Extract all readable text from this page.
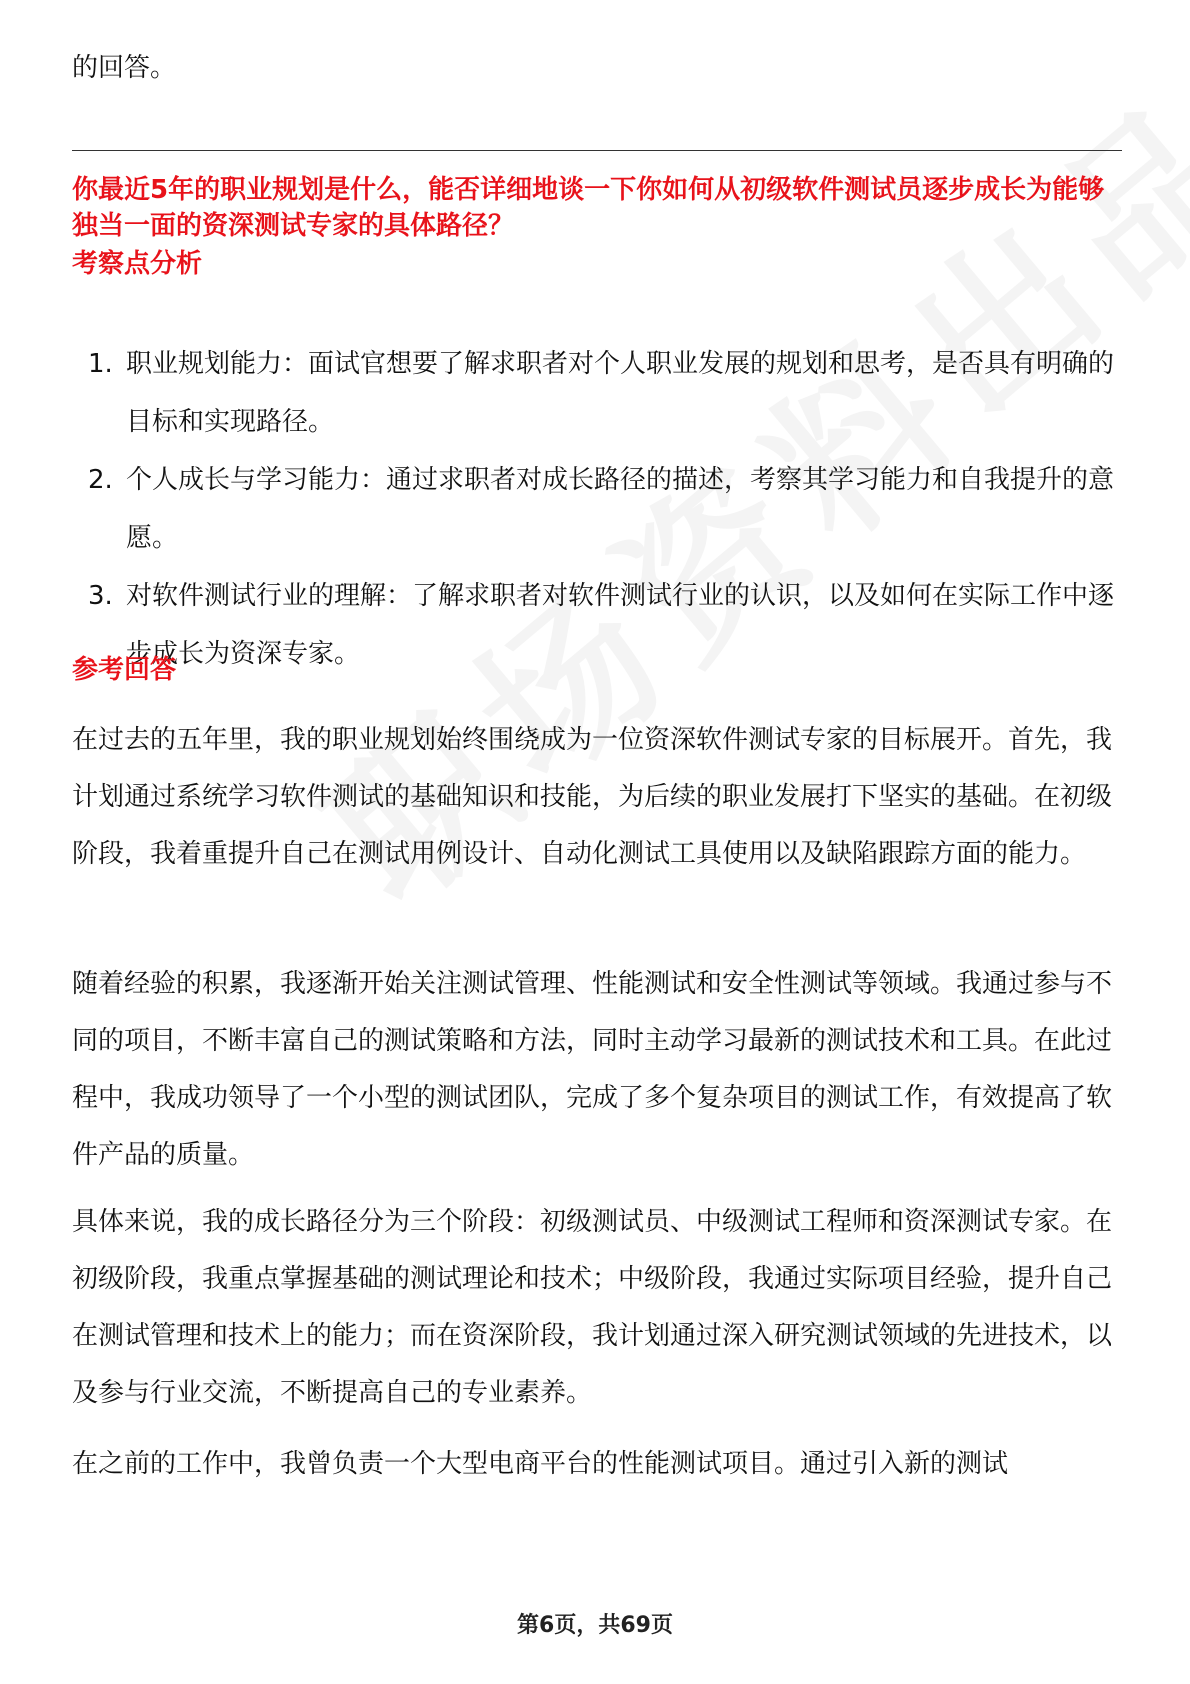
的回答。
你最近5年的职业规划是什么，能否详细地谈一下你如何从初级软件测试员逐步成长为能够独当一面的资深测试专家的具体路径？
考察点分析
1. 职业规划能力：面试官想要了解求职者对个人职业发展的规划和思考，是否具有明确的目标和实现路径。
2. 个人成长与学习能力：通过求职者对成长路径的描述，考察其学习能力和自我提升的意愿。
3. 对软件测试行业的理解：了解求职者对软件测试行业的认识，以及如何在实际工作中逐步成长为资深专家。
参考回答

在过去的五年里，我的职业规划始终围绕成为一位资深软件测试专家的目标展开。首先，我计划通过系统学习软件测试的基础知识和技能，为后续的职业发展打下坚实的基础。在初级阶段，我着重提升自己在测试用例设计、自动化测试工具使用以及缺陷跟踪方面的能力。

随着经验的积累，我逐渐开始关注测试管理、性能测试和安全性测试等领域。我通过参与不同的项目，不断丰富自己的测试策略和方法，同时主动学习最新的测试技术和工具。在此过程中，我成功领导了一个小型的测试团队，完成了多个复杂项目的测试工作，有效提高了软件产品的质量。

具体来说，我的成长路径分为三个阶段：初级测试员、中级测试工程师和资深测试专家。在初级阶段，我重点掌握基础的测试理论和技术；中级阶段，我通过实际项目经验，提升自己在测试管理和技术上的能力；而在资深阶段，我计划通过深入研究测试领域的先进技术，以及参与行业交流，不断提高自己的专业素养。

在之前的工作中，我曾负责一个大型电商平台的性能测试项目。通过引入新的测试

第6页，共69页
